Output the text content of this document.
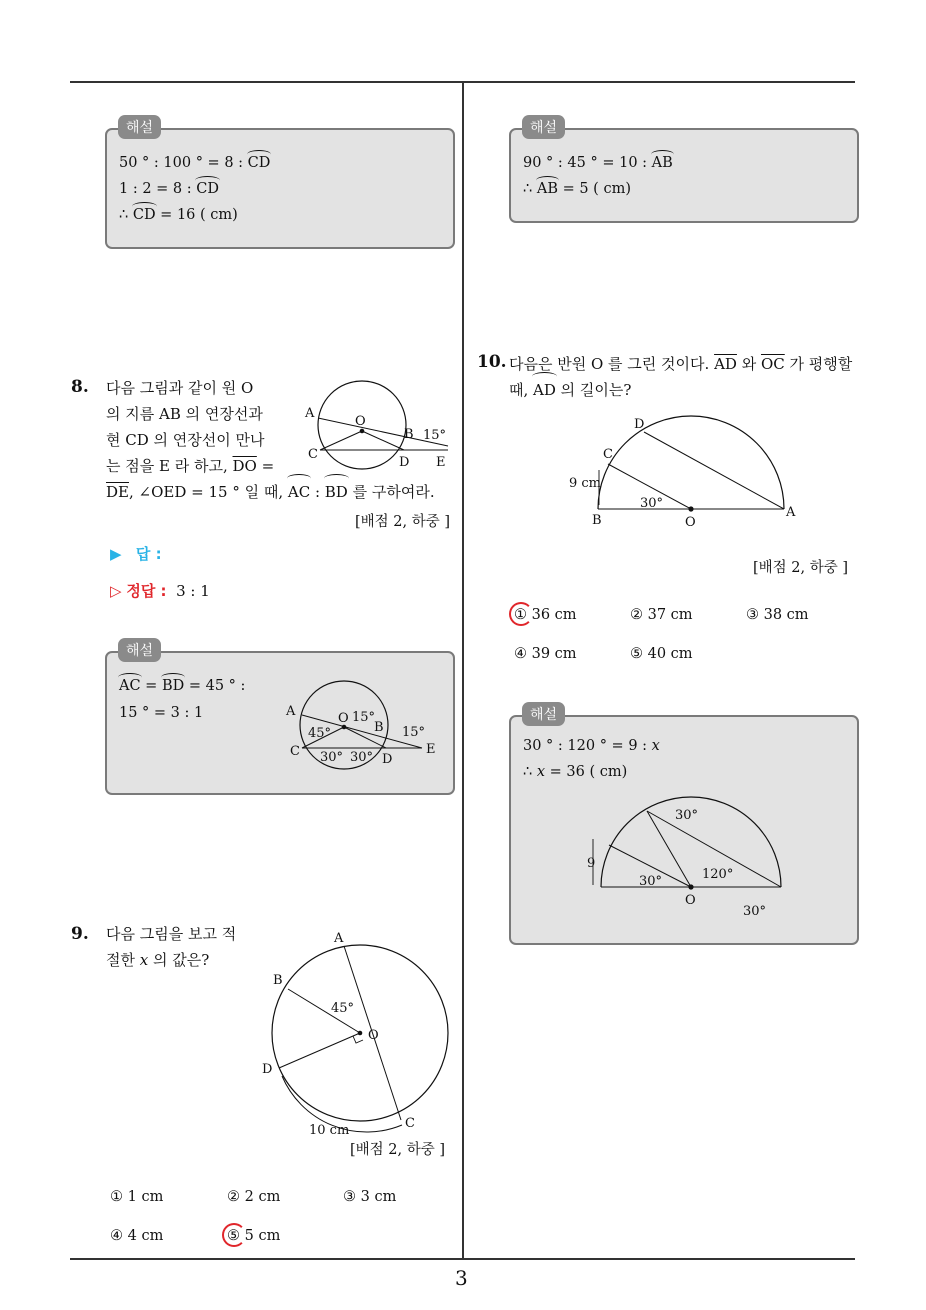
3
50 ° : 100 ° = 8 : CD
1 : 2 = 8 : CD
∴ CD = 16 ( cm)
해설
90 ° : 45 ° = 10 : AB
∴ AB = 5 ( cm)
해설
8. 다음 그림과 같이 원 O
의 지름 AB 의 연장선과
현 CD 의 연장선이 만나
는 점을 E 라 하고, $\overline{DO}$ =
$\overline{DE}$, ∠OED = 15 ° 일 때, AC : BD 를 구하여라.
[배점 2, 하중 ]
A
O
B
C
D E
15°
▶ 답 :
▷ 정답 : 3 : 1
AC = BD = 45 ° :
15 ° = 3 : 1	A	O 15°
B 15°
45°
C 30° 30° D
E
해설
9. 다음 그림을 보고 적
절한 x 의 값은?
A
B
45°
O
D
C
10 cm
[배점 2, 하중 ]
① 1 cm	② 2 cm	③ 3 cm
④ 4 cm	⑤ 5 cm
10. 다음은 반원 O 를 그린 것이다. $\overline{AD}$ 와 $\overline{OC}$ 가 평행할
때, AD 의 길이는?
D
C
9 cm
30°
B	O
A
[배점 2, 하중 ]
① 36 cm	② 37 cm	③ 38 cm
④ 39 cm	⑤ 40 cm
30 ° : 120 ° = 9 : x
∴ x = 36 ( cm)
30°
9
120°
30°
O
30°
해설
